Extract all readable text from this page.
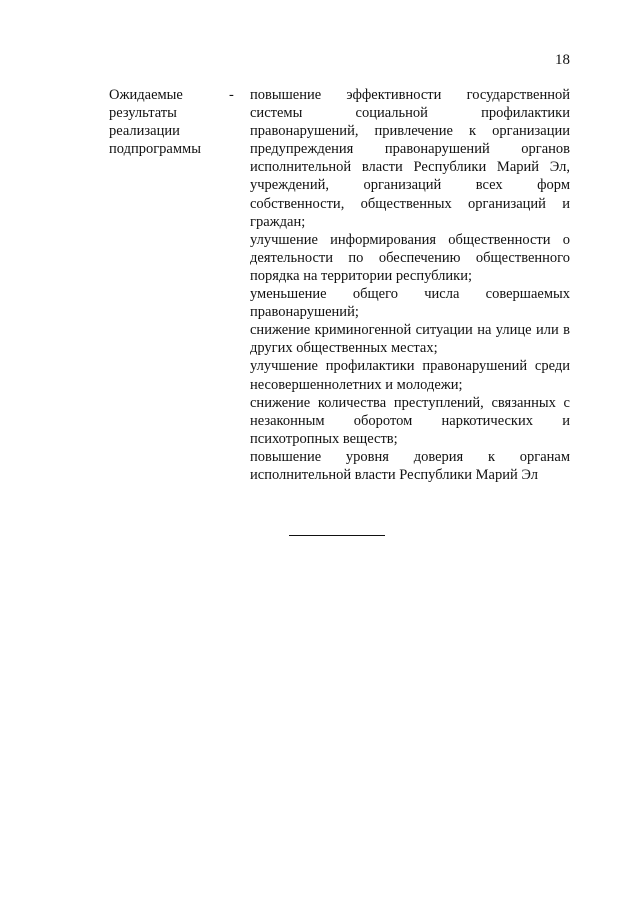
18
Ожидаемые результаты реализации подпрограммы
- повышение эффективности государственной системы социальной профилактики правонарушений, привлечение к организации предупреждения правонарушений органов исполнительной власти Республики Марий Эл, учреждений, организаций всех форм собственности, общественных организаций и граждан;

улучшение информирования общественности о деятельности по обеспечению общественного порядка на территории республики;

уменьшение общего числа совершаемых правонарушений;

снижение криминогенной ситуации на улице или в других общественных местах;

улучшение профилактики правонарушений среди несовершеннолетних и молодежи;

снижение количества преступлений, связанных с незаконным оборотом наркотических и психотропных веществ;

повышение уровня доверия к органам исполнительной власти Республики Марий Эл
